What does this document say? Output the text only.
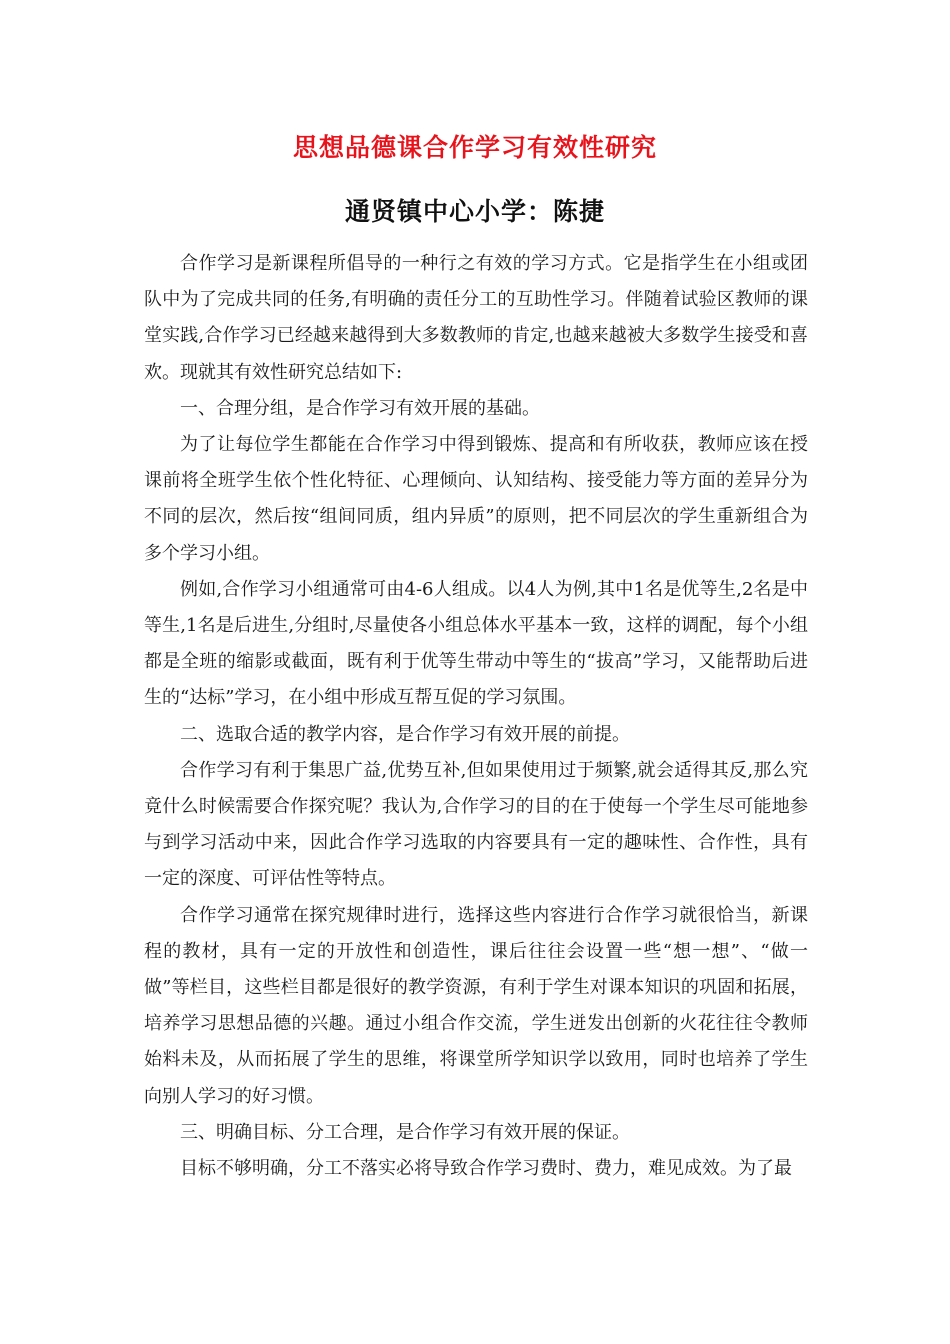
思想品德课合作学习有效性研究
通贤镇中心小学：陈捷

合作学习是新课程所倡导的一种行之有效的学习方式。它是指学生在小组或团队中为了完成共同的任务,有明确的责任分工的互助性学习。伴随着试验区教师的课堂实践,合作学习已经越来越得到大多数教师的肯定,也越来越被大多数学生接受和喜欢。现就其有效性研究总结如下:

一、合理分组，是合作学习有效开展的基础。

为了让每位学生都能在合作学习中得到锻炼、提高和有所收获，教师应该在授课前将全班学生依个性化特征、心理倾向、认知结构、接受能力等方面的差异分为不同的层次，然后按“组间同质，组内异质”的原则，把不同层次的学生重新组合为多个学习小组。

例如,合作学习小组通常可由4-6人组成。以4人为例,其中1名是优等生,2名是中等生,1名是后进生,分组时,尽量使各小组总体水平基本一致，这样的调配，每个小组都是全班的缩影或截面，既有利于优等生带动中等生的“拔高”学习，又能帮助后进生的“达标”学习，在小组中形成互帮互促的学习氛围。

二、选取合适的教学内容，是合作学习有效开展的前提。

合作学习有利于集思广益,优势互补,但如果使用过于频繁,就会适得其反,那么究竟什么时候需要合作探究呢？我认为,合作学习的目的在于使每一个学生尽可能地参与到学习活动中来，因此合作学习选取的内容要具有一定的趣味性、合作性，具有一定的深度、可评估性等特点。

合作学习通常在探究规律时进行，选择这些内容进行合作学习就很恰当，新课程的教材，具有一定的开放性和创造性，课后往往会设置一些“想一想”、“做一做”等栏目，这些栏目都是很好的教学资源，有利于学生对课本知识的巩固和拓展，培养学习思想品德的兴趣。通过小组合作交流，学生迸发出创新的火花往往令教师始料未及，从而拓展了学生的思维，将课堂所学知识学以致用，同时也培养了学生向别人学习的好习惯。

三、明确目标、分工合理，是合作学习有效开展的保证。

目标不够明确，分工不落实必将导致合作学习费时、费力，难见成效。为了最
